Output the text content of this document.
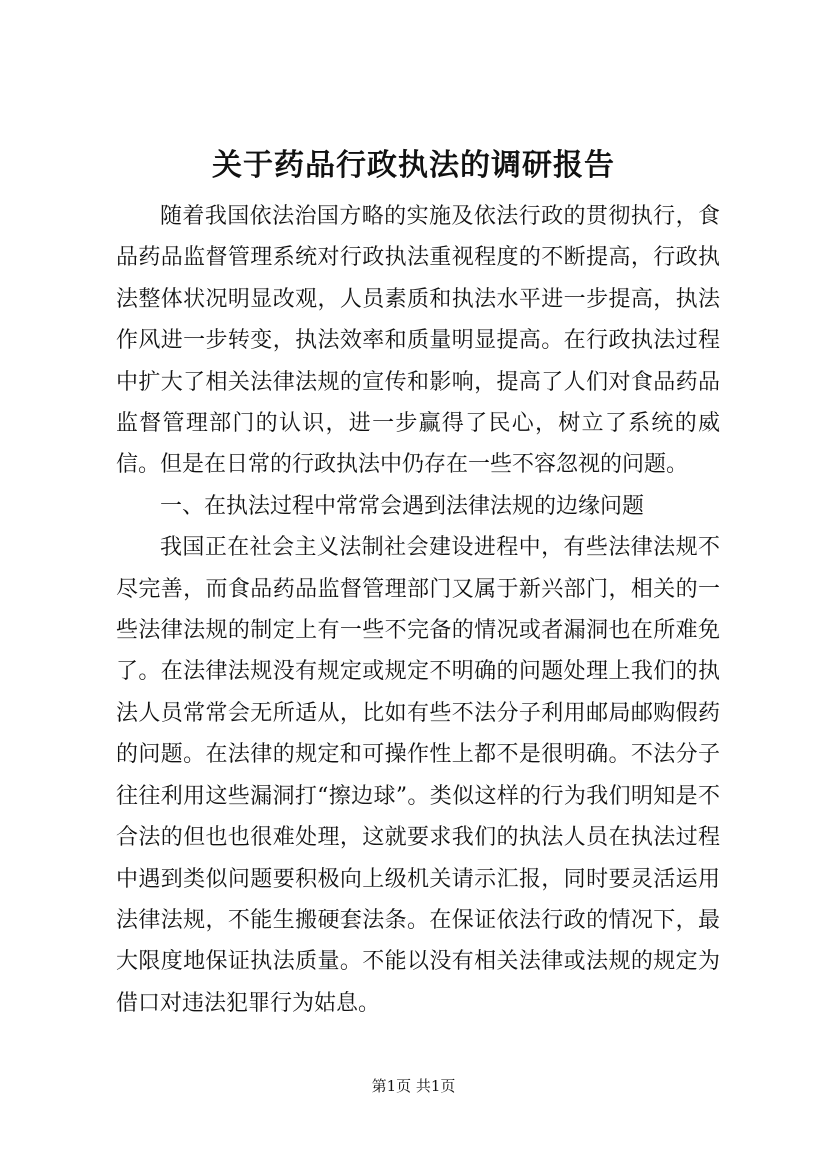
关于药品行政执法的调研报告

随着我国依法治国方略的实施及依法行政的贯彻执行，食品药品监督管理系统对行政执法重视程度的不断提高，行政执法整体状况明显改观，人员素质和执法水平进一步提高，执法作风进一步转变，执法效率和质量明显提高。在行政执法过程中扩大了相关法律法规的宣传和影响，提高了人们对食品药品监督管理部门的认识，进一步赢得了民心，树立了系统的威信。但是在日常的行政执法中仍存在一些不容忽视的问题。

一、在执法过程中常常会遇到法律法规的边缘问题

我国正在社会主义法制社会建设进程中，有些法律法规不尽完善，而食品药品监督管理部门又属于新兴部门，相关的一些法律法规的制定上有一些不完备的情况或者漏洞也在所难免了。在法律法规没有规定或规定不明确的问题处理上我们的执法人员常常会无所适从，比如有些不法分子利用邮局邮购假药的问题。在法律的规定和可操作性上都不是很明确。不法分子往往利用这些漏洞打“擦边球”。类似这样的行为我们明知是不合法的但也也很难处理，这就要求我们的执法人员在执法过程中遇到类似问题要积极向上级机关请示汇报，同时要灵活运用法律法规，不能生搬硬套法条。在保证依法行政的情况下，最大限度地保证执法质量。不能以没有相关法律或法规的规定为借口对违法犯罪行为姑息。

第1页 共1页
